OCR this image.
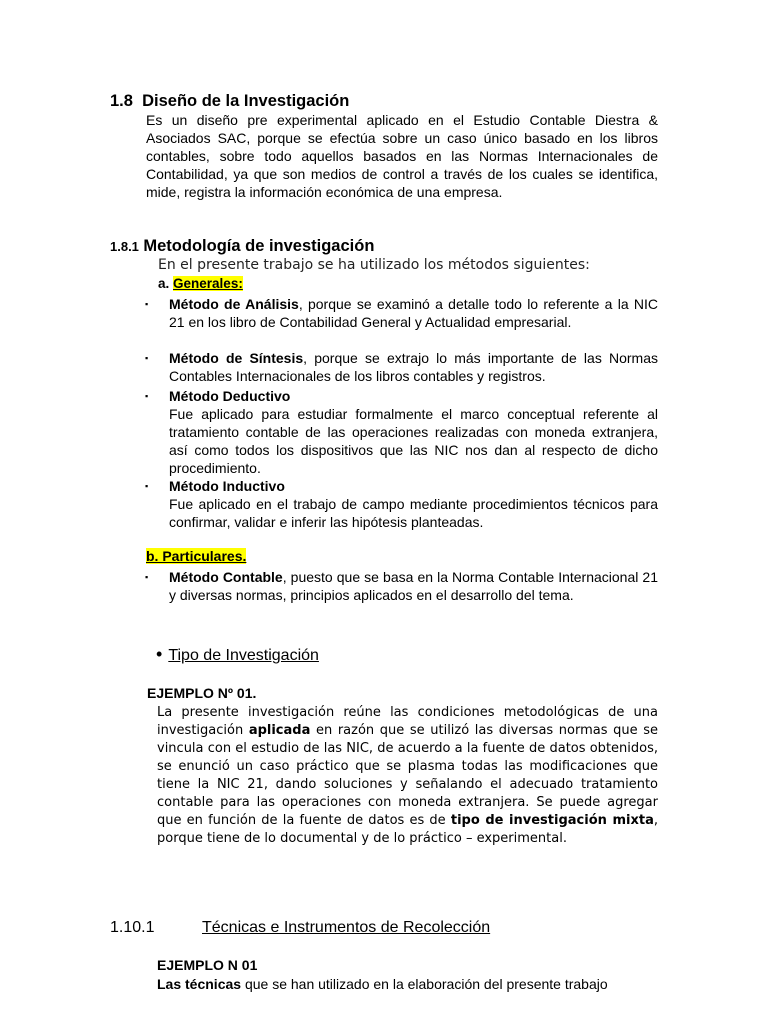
1.8 Diseño de la Investigación
Es un diseño pre experimental aplicado en el Estudio Contable Diestra & Asociados SAC, porque se efectúa sobre un caso único basado en los libros contables, sobre todo aquellos basados en las Normas Internacionales de Contabilidad, ya que son medios de control a través de los cuales se identifica, mide, registra la información económica de una empresa.
1.8.1 Metodología de investigación
En el presente trabajo se ha utilizado los métodos siguientes:
a. Generales:
▪ Método de Análisis, porque se examinó a detalle todo lo referente a la NIC 21 en los libro de Contabilidad General y Actualidad empresarial.
▪ Método de Síntesis, porque se extrajo lo más importante de las Normas Contables Internacionales de los libros contables y registros.
▪ Método Deductivo
Fue aplicado para estudiar formalmente el marco conceptual referente al tratamiento contable de las operaciones realizadas con moneda extranjera, así como todos los dispositivos que las NIC nos dan al respecto de dicho procedimiento.
▪ Método Inductivo
Fue aplicado en el trabajo de campo mediante procedimientos técnicos para confirmar, validar e inferir las hipótesis planteadas.
b. Particulares.
▪ Método Contable, puesto que se basa en la Norma Contable Internacional 21 y diversas normas, principios aplicados en el desarrollo del tema.
• Tipo de Investigación
EJEMPLO Nº 01.
La presente investigación reúne las condiciones metodológicas de una investigación aplicada en razón que se utilizó las diversas normas que se vincula con el estudio de las NIC, de acuerdo a la fuente de datos obtenidos, se enunció un caso práctico que se plasma todas las modificaciones que tiene la NIC 21, dando soluciones y señalando el adecuado tratamiento contable para las operaciones con moneda extranjera. Se puede agregar que en función de la fuente de datos es de tipo de investigación mixta, porque tiene de lo documental y de lo práctico – experimental.
1.10.1	Técnicas e Instrumentos de Recolección
EJEMPLO N 01
Las técnicas que se han utilizado en la elaboración del presente trabajo
